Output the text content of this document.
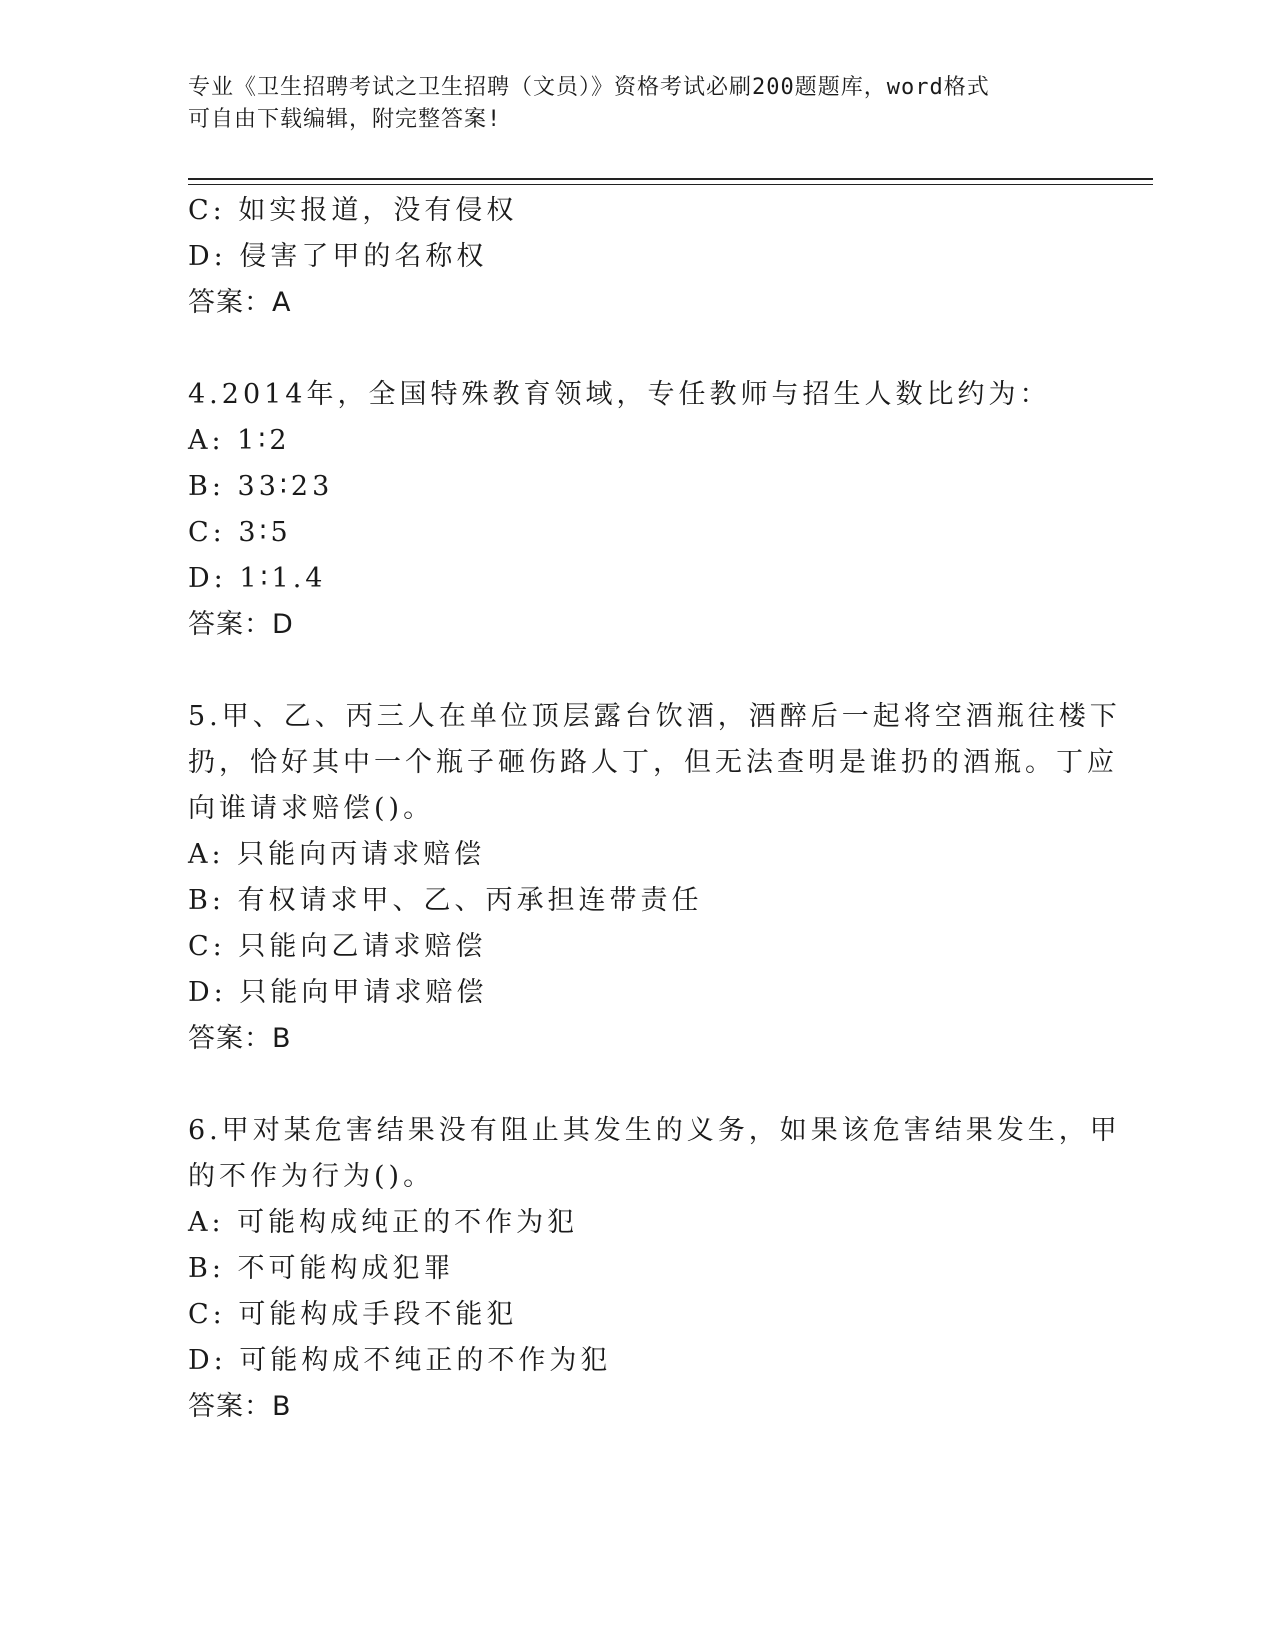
专业《卫生招聘考试之卫生招聘（文员）》资格考试必刷200题题库，word格式
可自由下载编辑，附完整答案!
C: 如实报道，没有侵权
D: 侵害了甲的名称权
答案：A
4.2014年，全国特殊教育领域，专任教师与招生人数比约为：
A: 1∶2
B: 33∶23
C: 3∶5
D: 1∶1.4
答案：D
5.甲、乙、丙三人在单位顶层露台饮酒，酒醉后一起将空酒瓶往楼下
扔，恰好其中一个瓶子砸伤路人丁，但无法查明是谁扔的酒瓶。丁应
向谁请求赔偿()。
A: 只能向丙请求赔偿
B: 有权请求甲、乙、丙承担连带责任
C: 只能向乙请求赔偿
D: 只能向甲请求赔偿
答案：B
6.甲对某危害结果没有阻止其发生的义务，如果该危害结果发生，甲
的不作为行为()。
A: 可能构成纯正的不作为犯
B: 不可能构成犯罪
C: 可能构成手段不能犯
D: 可能构成不纯正的不作为犯
答案：B
